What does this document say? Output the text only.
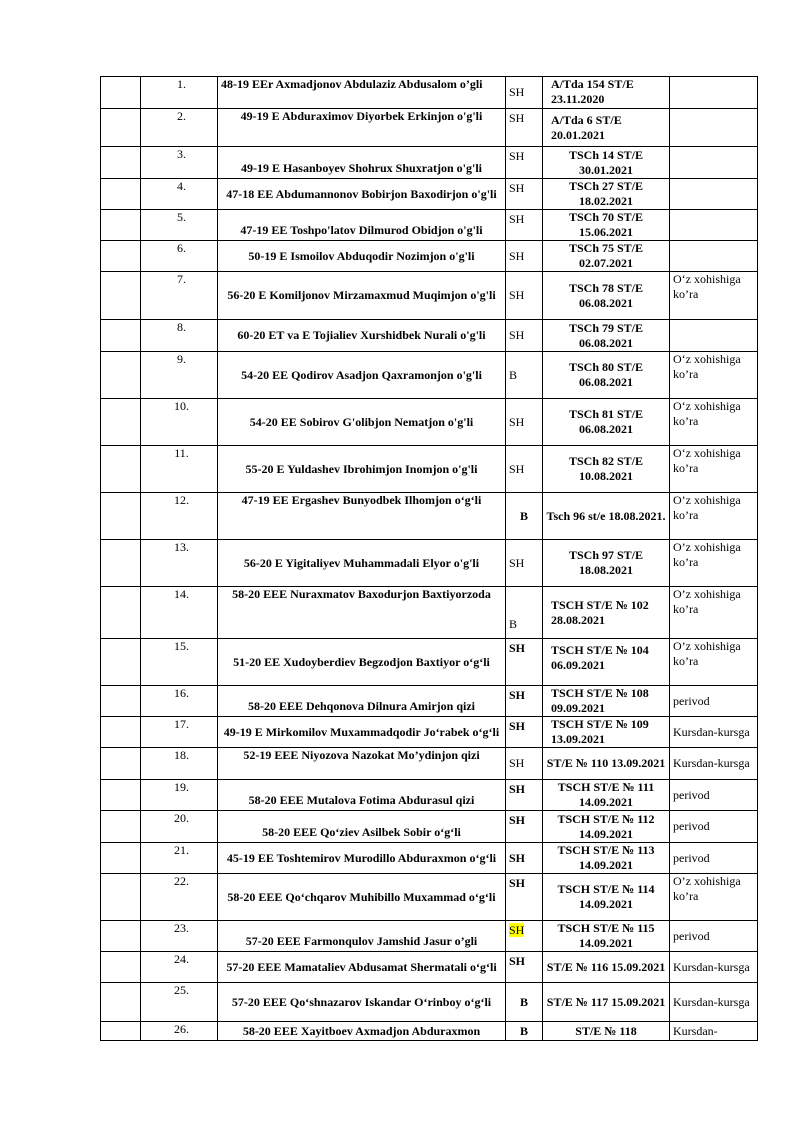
	1.	48-19 EEr Axmadjonov Abdulaziz Abdusalom o’gli	SH	A/Tda 154 ST/E 23.11.2020	
	2.	49-19 E Abduraximov Diyorbek Erkinjon o'g'li	SH	A/Tda 6 ST/E 20.01.2021	
	3.	49-19 E Hasanboyev Shohrux Shuxratjon o'g'li	SH	TSCh 14 ST/E 30.01.2021	
	4.	47-18 EE Abdumannonov Bobirjon Baxodirjon o'g'li	SH	TSCh 27 ST/E 18.02.2021	
	5.	47-19 EE Toshpo'latov Dilmurod Obidjon o'g'li	SH	TSCh 70 ST/E 15.06.2021	
	6.	50-19 E Ismoilov Abduqodir Nozimjon o'g'li	SH	TSCh 75 ST/E 02.07.2021	
	7.	56-20 E Komiljonov Mirzamaxmud Muqimjon o'g'li	SH	TSCh 78 ST/E 06.08.2021	O‘z xohishiga ko’ra
	8.	60-20 ET va E Tojialiev Xurshidbek Nurali o'g'li	SH	TSCh 79 ST/E 06.08.2021	
	9.	54-20 EE Qodirov Asadjon Qaxramonjon o'g'li	B	TSCh 80 ST/E 06.08.2021	O‘z xohishiga ko’ra
	10.	54-20 EE Sobirov G'olibjon Nematjon o'g'li	SH	TSCh 81 ST/E 06.08.2021	O‘z xohishiga ko’ra
	11.	55-20 E Yuldashev Ibrohimjon Inomjon o'g'li	SH	TSCh 82 ST/E 10.08.2021	O‘z xohishiga ko’ra
	12.	47-19 EE Ergashev Bunyodbek Ilhomjon o‘g‘li	B	Tsch 96 st/e 18.08.2021.	O’z xohishiga ko’ra
	13.	56-20 E Yigitaliyev Muhammadali Elyor o'g'li	SH	TSCh 97 ST/E 18.08.2021	O’z xohishiga ko’ra
	14.	58-20 EEE Nuraxmatov Baxodurjon Baxtiyorzoda	B	TSCH ST/E № 102 28.08.2021	O’z xohishiga ko’ra
	15.	51-20 EE Xudoyberdiev Begzodjon Baxtiyor o‘g‘li	SH	TSCH ST/E № 104 06.09.2021	O’z xohishiga ko’ra
	16.	58-20 EEE Dehqonova Dilnura Amirjon qizi	SH	TSCH ST/E № 108 09.09.2021	perivod
	17.	49-19 E Mirkomilov Muxammadqodir Jo‘rabek o‘g‘li	SH	TSCH ST/E № 109 13.09.2021	Kursdan-kursga
	18.	52-19 EEE Niyozova Nazokat Mo’ydinjon qizi	SH	ST/E № 110 13.09.2021	Kursdan-kursga
	19.	58-20 EEE Mutalova Fotima Abdurasul qizi	SH	TSCH ST/E № 111 14.09.2021	perivod
	20.	58-20 EEE Qo‘ziev Asilbek Sobir o‘g‘li	SH	TSCH ST/E № 112 14.09.2021	perivod
	21.	45-19 EE Toshtemirov Murodillo Abduraxmon o‘g‘li	SH	TSCH ST/E № 113 14.09.2021	perivod
	22.	58-20 EEE Qo‘chqarov Muhibillo Muxammad o‘g‘li	SH	TSCH ST/E № 114 14.09.2021	O’z xohishiga ko’ra
	23.	57-20 EEE Farmonqulov Jamshid Jasur o’gli	SH	TSCH ST/E № 115 14.09.2021	perivod
	24.	57-20 EEE Mamataliev Abdusamat Shermatali o‘g‘li	SH	ST/E № 116 15.09.2021	Kursdan-kursga
	25.	57-20 EEE Qo‘shnazarov Iskandar O‘rinboy o‘g‘li	B	ST/E № 117 15.09.2021	Kursdan-kursga
	26.	58-20 EEE Xayitboev Axmadjon Abduraxmon	B	ST/E № 118	Kursdan-
